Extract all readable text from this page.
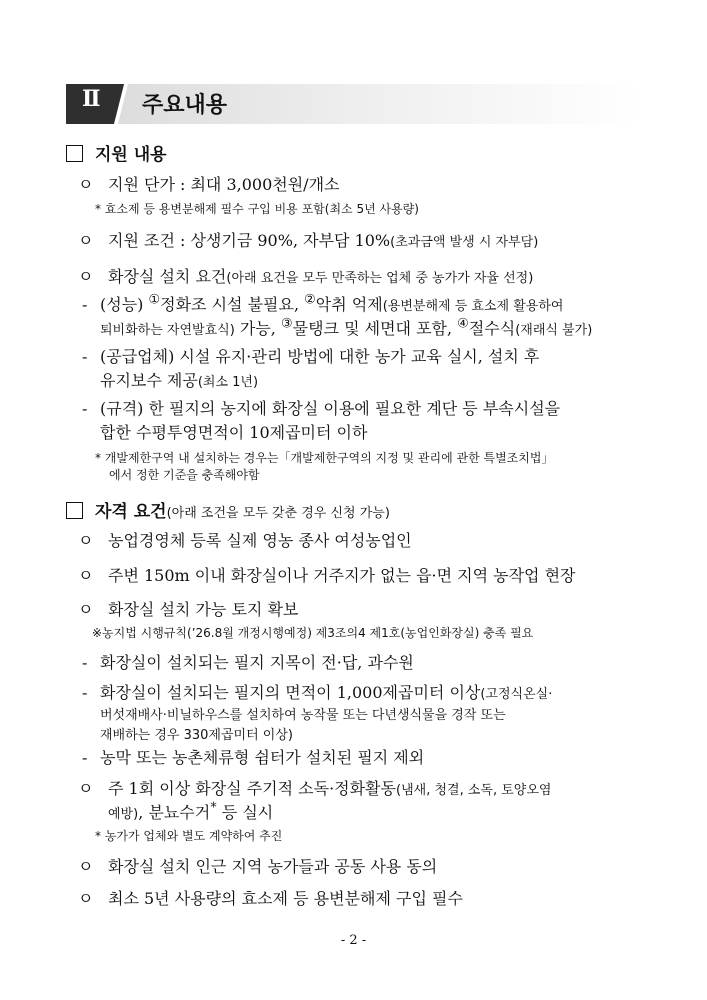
Ⅱ 주요내용
지원 내용
ㅇ 지원 단가 : 최대 3,000천원/개소
* 효소제 등 용변분해제 필수 구입 비용 포함(최소 5년 사용량)
ㅇ 지원 조건 : 상생기금 90%, 자부담 10%(초과금액 발생 시 자부담)
ㅇ 화장실 설치 요건(아래 요건을 모두 만족하는 업체 중 농가가 자율 선정)
- (성능) ①정화조 시설 불필요, ②악취 억제(용변분해제 등 효소제 활용하여
퇴비화하는 자연발효식) 가능, ③물탱크 및 세면대 포함, ④절수식(재래식 불가)
- (공급업체) 시설 유지·관리 방법에 대한 농가 교육 실시, 설치 후
유지보수 제공(최소 1년)
- (규격) 한 필지의 농지에 화장실 이용에 필요한 계단 등 부속시설을
합한 수평투영면적이 10제곱미터 이하
* 개발제한구역 내 설치하는 경우는「개발제한구역의 지정 및 관리에 관한 특별조치법」
에서 정한 기준을 충족해야함
자격 요건(아래 조건을 모두 갖춘 경우 신청 가능)
ㅇ 농업경영체 등록 실제 영농 종사 여성농업인
ㅇ 주변 150m 이내 화장실이나 거주지가 없는 읍·면 지역 농작업 현장
ㅇ 화장실 설치 가능 토지 확보
※농지법 시행규칙(’26.8월 개정시행예정) 제3조의4 제1호(농업인화장실) 충족 필요
- 화장실이 설치되는 필지 지목이 전·답, 과수원
- 화장실이 설치되는 필지의 면적이 1,000제곱미터 이상(고정식온실·
버섯재배사·비닐하우스를 설치하여 농작물 또는 다년생식물을 경작 또는
재배하는 경우 330제곱미터 이상)
- 농막 또는 농촌체류형 쉼터가 설치된 필지 제외
ㅇ 주 1회 이상 화장실 주기적 소독·정화활동(냄새, 청결, 소독, 토양오염
예방), 분뇨수거* 등 실시
* 농가가 업체와 별도 계약하여 추진
ㅇ 화장실 설치 인근 지역 농가들과 공동 사용 동의
ㅇ 최소 5년 사용량의 효소제 등 용변분해제 구입 필수
- 2 -
